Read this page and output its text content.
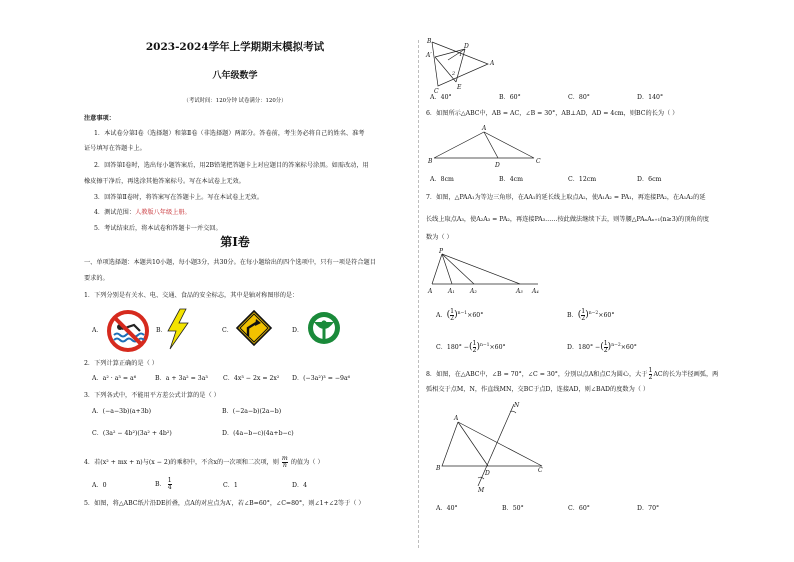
2023-2024学年上学期期末模拟考试
八年级数学
（考试时间：120分钟 试卷满分：120分）
注意事项：
1．本试卷分第Ⅰ卷（选择题）和第Ⅱ卷（非选择题）两部分。答卷前，考生务必将自己的姓名、准考
证号填写在答题卡上。
2．回答第Ⅰ卷时，选出每小题答案后，用2B铅笔把答题卡上对应题目的答案标号涂黑。如需改动，用
橡皮擦干净后，再选涂其他答案标号。写在本试卷上无效。
3．回答第Ⅱ卷时，将答案写在答题卡上。写在本试卷上无效。
4．测试范围：人教版八年级上册。
5．考试结束后，将本试卷和答题卡一并交回。
第Ⅰ卷
一、单项选择题：本题共10小题，每小题3分，共30分。在每小题给出的四个选项中，只有一项是符合题目
要求的。
1．下列分别是有关水、电、交通、食品的安全标志，其中是轴对称图形的是：
A．	B．	C．	D．
2．下列计算正确的是（ ）
A．a² · a³ = a⁶	B．a + 3a² = 3a³ C．4x³ − 2x = 2x² D．(−3a²)³ = −9a⁶
3．下列各式中，不能用平方差公式计算的是（ ）
A．(−a−3b)(a+3b)	B．(−2a−b)(2a−b)
C．(3a² − 4b²)(3a² + 4b²)	D．(4a−b−c)(4a+b−c)
4．若(x² + mx + n)与(x − 2)的乘积中，不含x的一次项和二次项，则 $\frac{m}{n}$ 的值为（ ）
A．0	B． $\frac{1}{4}$	C．1	D．4
5．如图，将△ABC纸片沿DE折叠，点A的对应点为A′，若∠B=60°，∠C=80°，则∠1+∠2等于（ ）
B
A′
D
A
1
2
C
E
A．40°	B．60°	C．80°	D．140°
6．如图所示△ABC中，AB = AC，∠B = 30°，AB⊥AD，AD = 4cm，则BC的长为（ ）
A
B
D
C
A．8cm	B．4cm	C．12cm	D．6cm
7．如图，△PAA₁为等边三角形，在AA₁的延长线上取点A₂，使A₁A₂ = PA₁，再连接PA₂，在A₁A₂的延
长线上取点A₃，使A₂A₃ = PA₂，再连接PA₃……按此做法继续下去，则等腰△PAₙAₙ₊₁(n≥3)的顶角的度
数为（ ）
P
A	A₁	A₂	A₃ A₄
A．( $\frac{1}{2} )^{n-1}\times 60^\circ$	B．( $\frac{1}{2} )^{n-2}\times 60^\circ$
C．180° −( $\frac{1}{2} )^{n-1}\times 60^\circ$	D．180° −( $\frac{1}{2} )^{n-2}\times 60^\circ$
8．如图，在△ABC中，∠B = 70°，∠C = 30°，分别以点A和点C为圆心，大于 $\frac{1}{2}$ AC的长为半径画弧，两
弧相交于点M，N，作直线MN，交BC于点D，连接AD，则∠BAD的度数为（ ）
A
N
B
D	C
M
A．40°	B．50°	C．60°	D．70°
